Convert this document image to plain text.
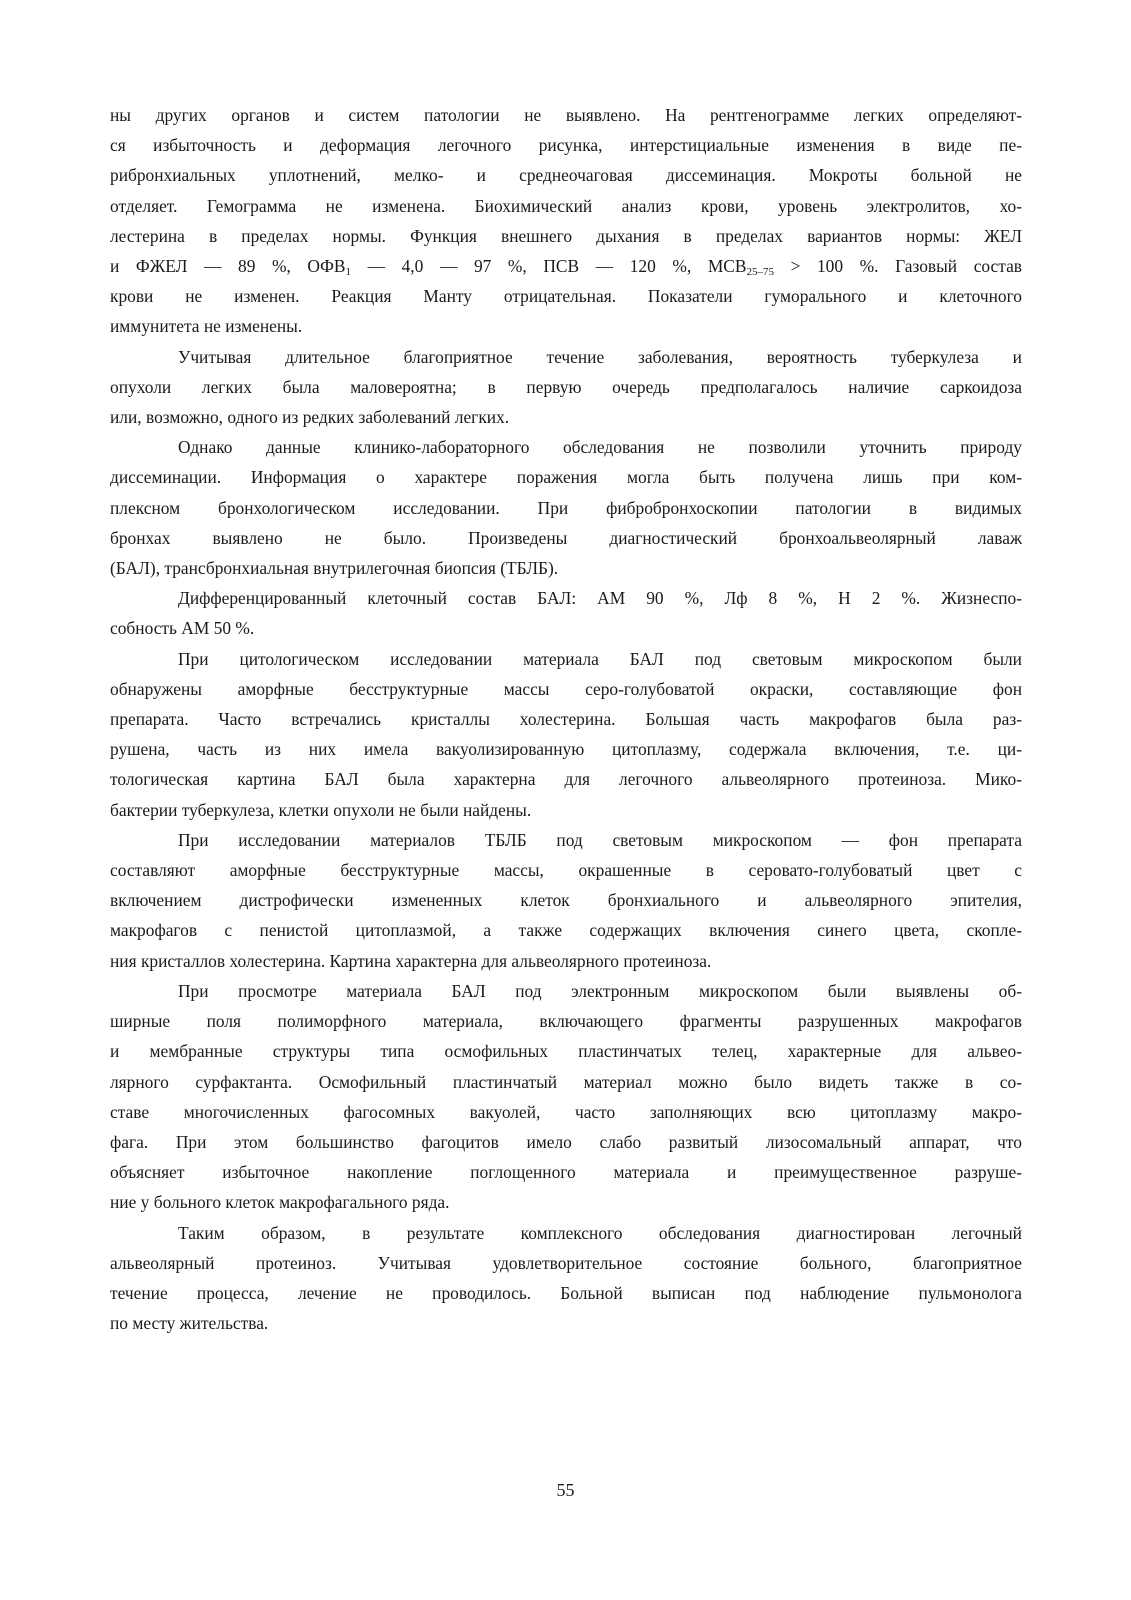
ны других органов и систем патологии не выявлено. На рентгенограмме легких определяют-
ся избыточность и деформация легочного рисунка, интерстициальные изменения в виде пе-
рибронхиальных уплотнений, мелко- и среднеочаговая диссеминация. Мокроты больной не
отделяет. Гемограмма не изменена. Биохимический анализ крови, уровень электролитов, хо-
лестерина в пределах нормы. Функция внешнего дыхания в пределах вариантов нормы: ЖЕЛ
и ФЖЕЛ — 89 %, $ОФВ_1$ — 4,0 — 97 %, ПСВ — 120 %, $МСВ_{25-75} > 100$ %. Газовый состав
крови не изменен. Реакция Манту отрицательная. Показатели гуморального и клеточного
иммунитета не изменены.

Учитывая длительное благоприятное течение заболевания, вероятность туберкулеза и
опухоли легких была маловероятна; в первую очередь предполагалось наличие саркоидоза
или, возможно, одного из редких заболеваний легких.

Однако данные клинико-лабораторного обследования не позволили уточнить природу
диссеминации. Информация о характере поражения могла быть получена лишь при ком-
плексном бронхологическом исследовании. При фибробронхоскопии патологии в видимых
бронхах выявлено не было. Произведены диагностический бронхоальвеолярный лаваж
(БАЛ), трансбронхиальная внутрилегочная биопсия (ТБЛБ).

Дифференцированный клеточный состав БАЛ: АМ 90 %, Лф 8 %, Н 2 %. Жизнеспо-
собность АМ 50 %.

При цитологическом исследовании материала БАЛ под световым микроскопом были
обнаружены аморфные бесструктурные массы серо-голубоватой окраски, составляющие фон
препарата. Часто встречались кристаллы холестерина. Большая часть макрофагов была раз-
рушена, часть из них имела вакуолизированную цитоплазму, содержала включения, т.е. ци-
тологическая картина БАЛ была характерна для легочного альвеолярного протеиноза. Мико-
бактерии туберкулеза, клетки опухоли не были найдены.

При исследовании материалов ТБЛБ под световым микроскопом — фон препарата
составляют аморфные бесструктурные массы, окрашенные в серовато-голубоватый цвет с
включением дистрофически измененных клеток бронхиального и альвеолярного эпителия,
макрофагов с пенистой цитоплазмой, а также содержащих включения синего цвета, скопле-
ния кристаллов холестерина. Картина характерна для альвеолярного протеиноза.

При просмотре материала БАЛ под электронным микроскопом были выявлены об-
ширные поля полиморфного материала, включающего фрагменты разрушенных макрофагов
и мембранные структуры типа осмофильных пластинчатых телец, характерные для альвео-
лярного сурфактанта. Осмофильный пластинчатый материал можно было видеть также в со-
ставе многочисленных фагосомных вакуолей, часто заполняющих всю цитоплазму макро-
фага. При этом большинство фагоцитов имело слабо развитый лизосомальный аппарат, что
объясняет избыточное накопление поглощенного материала и преимущественное разруше-
ние у больного клеток макрофагального ряда.

Таким образом, в результате комплексного обследования диагностирован легочный
альвеолярный протеиноз. Учитывая удовлетворительное состояние больного, благоприятное
течение процесса, лечение не проводилось. Больной выписан под наблюдение пульмонолога
по месту жительства.

55
